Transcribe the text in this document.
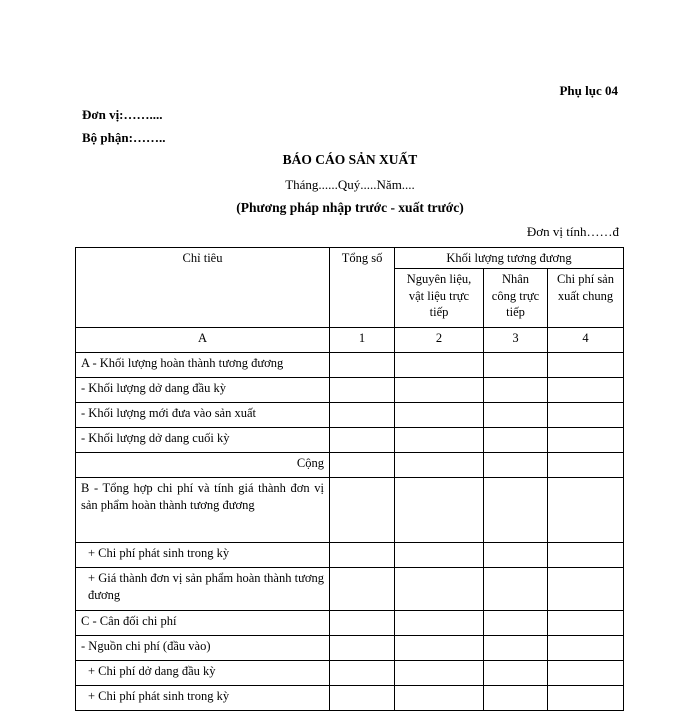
Phụ lục 04
Đơn vị:……....
Bộ phận:……..
BÁO CÁO SẢN XUẤT
Tháng......Quý.....Năm....
(Phương pháp nhập trước - xuất trước)
Đơn vị tính……đ
Chỉ tiêu	Tổng số	Khối lượng tương đương		
		Nguyên liệu, vật liệu trực tiếp	Nhân công trực tiếp	Chi phí sản xuất chung
A	1	2	3	4
A - Khối lượng hoàn thành tương đương				
- Khối lượng dở dang đầu kỳ				
- Khối lượng mới đưa vào sản xuất				
- Khối lượng dở dang cuối kỳ				
Cộng				
B - Tổng hợp chi phí và tính giá thành đơn vị sản phẩm hoàn thành tương đương				
+ Chi phí phát sinh trong kỳ				
+ Giá thành đơn vị sản phẩm hoàn thành tương đương				
C - Cân đối chi phí				
- Nguồn chi phí (đầu vào)				
+ Chi phí dở dang đầu kỳ				
+ Chi phí phát sinh trong kỳ				
